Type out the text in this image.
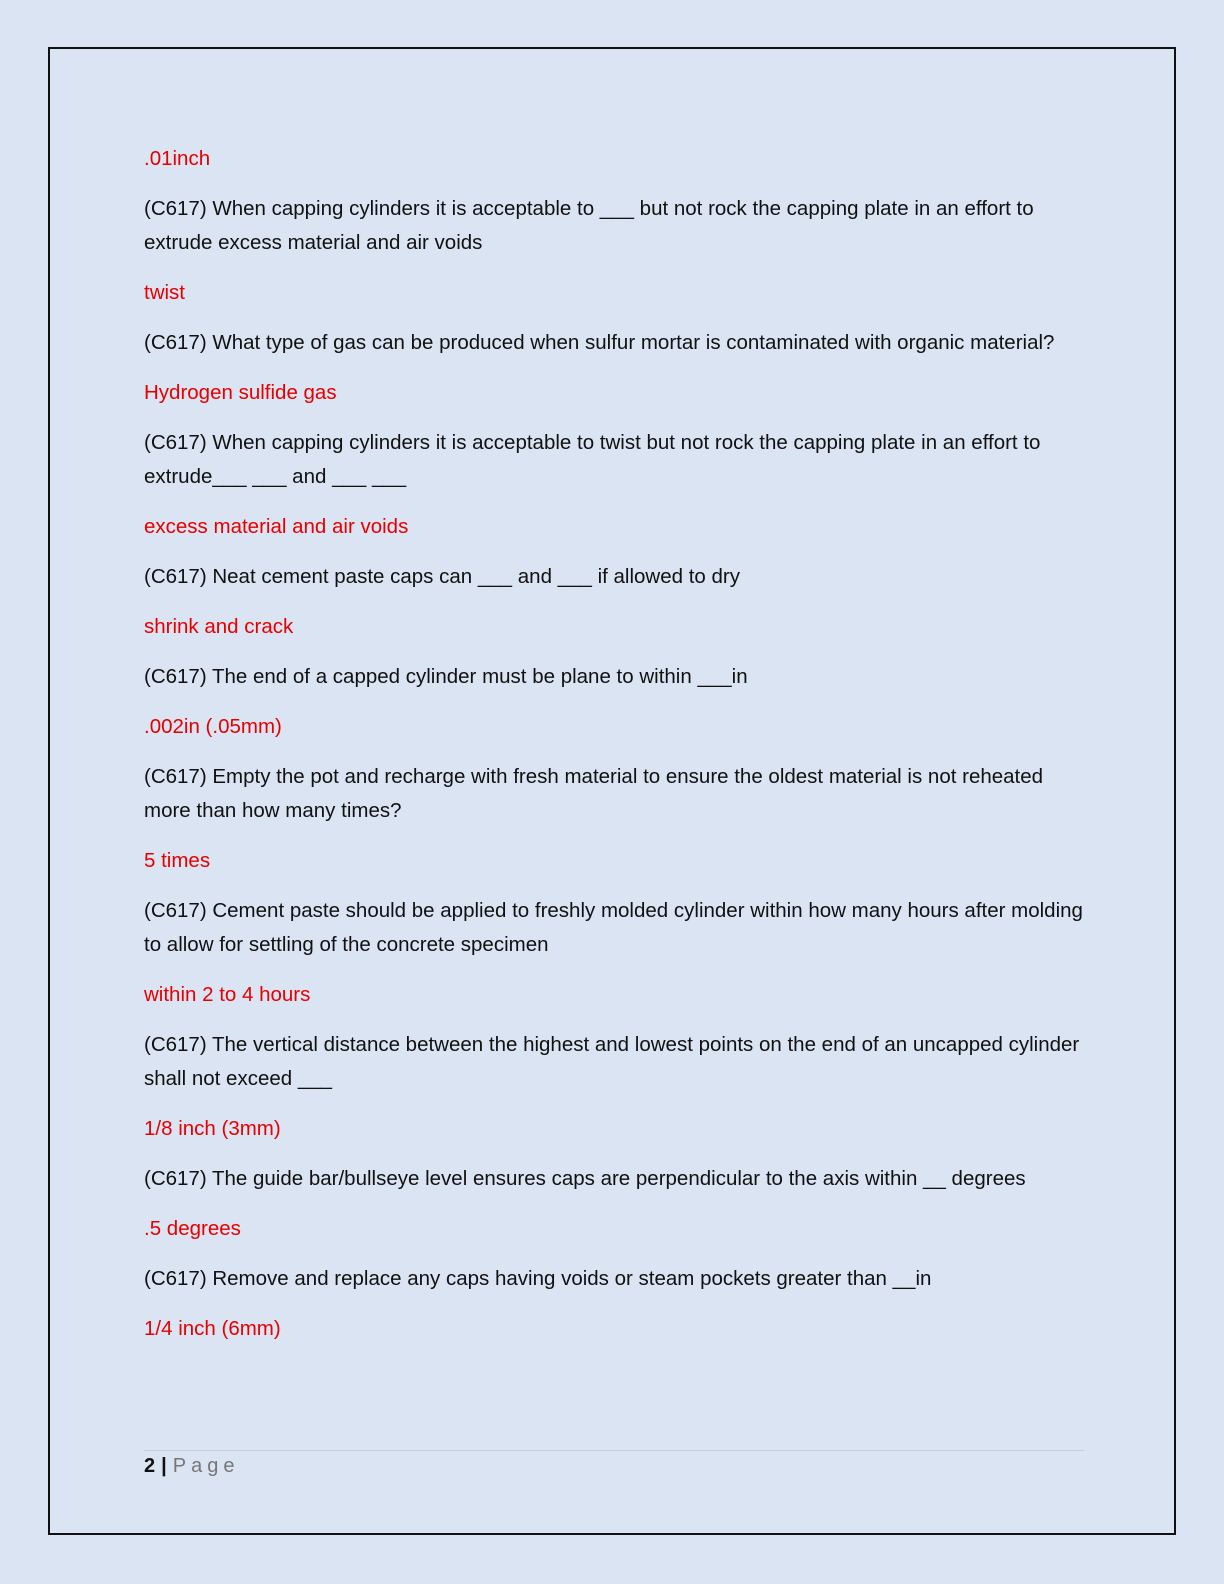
.01inch

(C617) When capping cylinders it is acceptable to ___ but not rock the capping plate in an effort to extrude excess material and air voids

twist

(C617) What type of gas can be produced when sulfur mortar is contaminated with organic material?

Hydrogen sulfide gas

(C617) When capping cylinders it is acceptable to twist but not rock the capping plate in an effort to extrude___ ___ and ___ ___

excess material and air voids

(C617) Neat cement paste caps can ___ and ___ if allowed to dry

shrink and crack

(C617) The end of a capped cylinder must be plane to within ___in

.002in (.05mm)

(C617) Empty the pot and recharge with fresh material to ensure the oldest material is not reheated more than how many times?

5 times

(C617) Cement paste should be applied to freshly molded cylinder within how many hours after molding to allow for settling of the concrete specimen

within 2 to 4 hours

(C617) The vertical distance between the highest and lowest points on the end of an uncapped cylinder shall not exceed ___

1/8 inch (3mm)

(C617) The guide bar/bullseye level ensures caps are perpendicular to the axis within __ degrees

.5 degrees

(C617) Remove and replace any caps having voids or steam pockets greater than __in

1/4 inch (6mm)

2 | Page
